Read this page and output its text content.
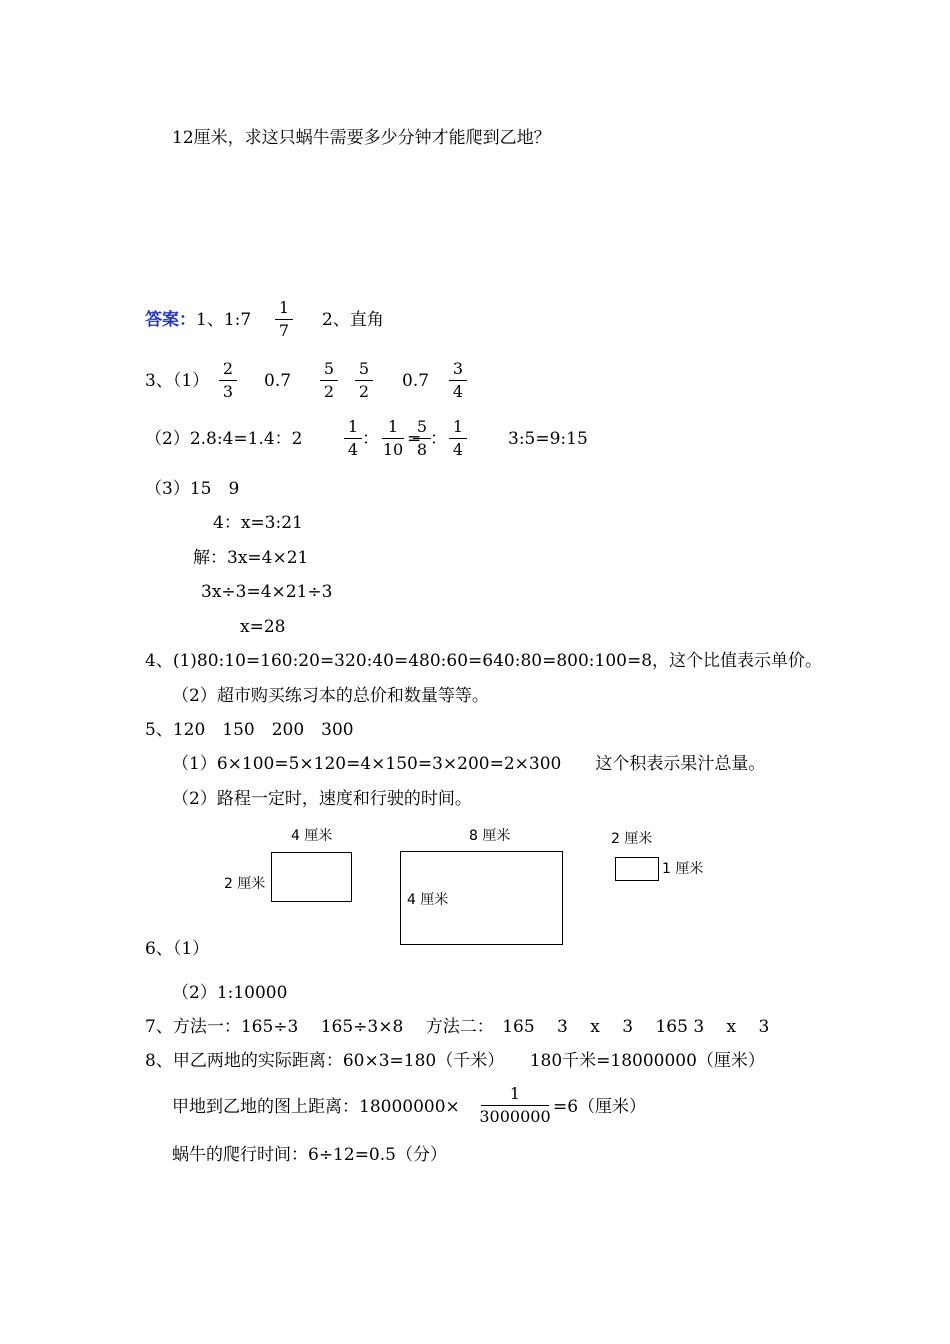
12厘米，求这只蜗牛需要多少分钟才能爬到乙地？
答案：1、1:7
1
7
2、直角
3、（1）
2
3
0.7
5
2
5
2
0.7
3
4
（2）2.8:4=1.4：2
1
4
：
1
10
=
5
8
：
1
4
3:5=9:15
（3）15　9
4：x=3:21
解：3x=4×21
3x÷3=4×21÷3
x=28
4、(1)80:10=160:20=320:40=480:60=640:80=800:100=8，这个比值表示单价。
（2）超市购买练习本的总价和数量等等。
5、120　150　200　300
（1）6×100=5×120=4×150=3×200=2×300　　这个积表示果汁总量。
（2）路程一定时，速度和行驶的时间。
4 厘米
2 厘米
8 厘米
4 厘米
2 厘米
1 厘米
6、（1）
（2）1:10000
7、方法一：165÷3　 165÷3×8　 方法二：　165　 3　 x　 3　 165 3　 x　 3
8、甲乙两地的实际距离：60×3=180（千米）　　180千米=18000000（厘米）
甲地到乙地的图上距离：18000000×
1
3000000 =6（厘米）
蜗牛的爬行时间：6÷12=0.5（分）
